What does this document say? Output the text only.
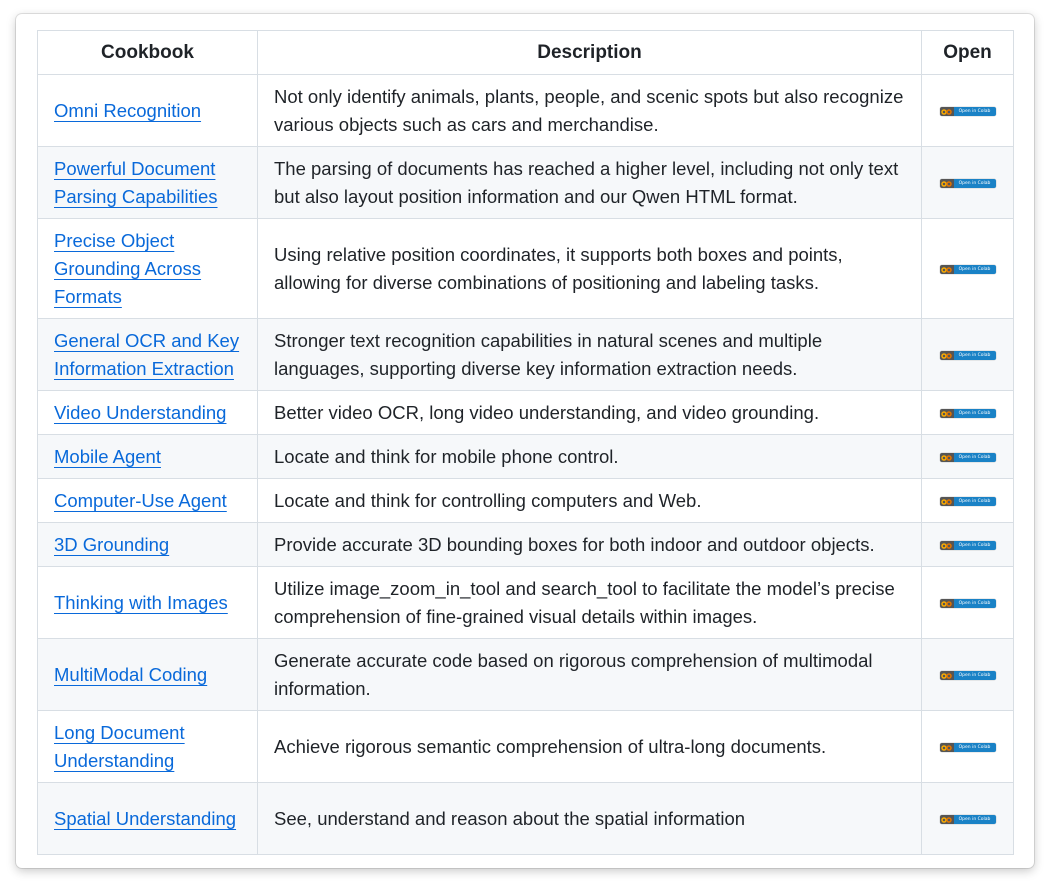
Cookbook	Description	Open
Omni Recognition	Not only identify animals, plants, people, and scenic spots but also recognize various objects such as cars and merchandise.	Open in Colab

Powerful Document Parsing Capabilities	The parsing of documents has reached a higher level, including not only text but also layout position information and our Qwen HTML format.	Open in Colab

Precise Object Grounding Across Formats	Using relative position coordinates, it supports both boxes and points, allowing for diverse combinations of positioning and labeling tasks.	Open in Colab

General OCR and Key Information Extraction	Stronger text recognition capabilities in natural scenes and multiple languages, supporting diverse key information extraction needs.	Open in Colab

Video Understanding	Better video OCR, long video understanding, and video grounding.	Open in Colab

Mobile Agent	Locate and think for mobile phone control.	Open in Colab

Computer-Use Agent	Locate and think for controlling computers and Web.	Open in Colab

3D Grounding	Provide accurate 3D bounding boxes for both indoor and outdoor objects.	Open in Colab

Thinking with Images	Utilize image_zoom_in_tool and search_tool to facilitate the model’s precise comprehension of fine-grained visual details within images.	Open in Colab

MultiModal Coding	Generate accurate code based on rigorous comprehension of multimodal information.	Open in Colab

Long Document Understanding	Achieve rigorous semantic comprehension of ultra-long documents.	Open in Colab

Spatial Understanding	See, understand and reason about the spatial information	Open in Colab
